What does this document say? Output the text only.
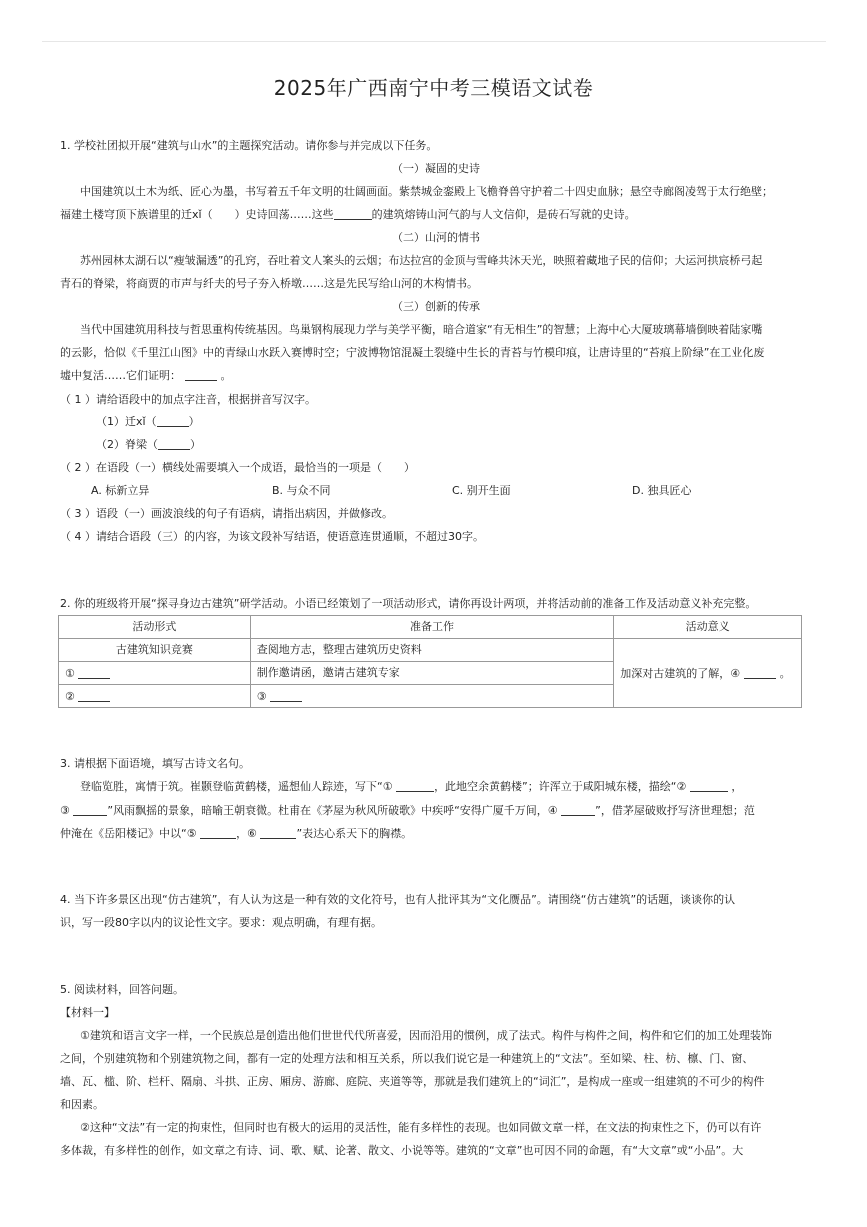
2025年广西南宁中考三模语文试卷
1. 学校社团拟开展“建筑与山水”的主题探究活动。请你参与并完成以下任务。
（一）凝固的史诗
中国建筑以土木为纸、匠心为墨，书写着五千年文明的壮阔画面。紫禁城金銮殿上飞檐脊兽守护着二十四史血脉；悬空寺廊阁凌驾于太行绝壁；
福建土楼穹顶下族谱里的迁xǐ（　　）史诗回荡……这些	的建筑熔铸山河气韵与人文信仰，是砖石写就的史诗。
（二）山河的情书
苏州园林太湖石以“瘦皱漏透”的孔窍，吞吐着文人案头的云烟；布达拉宫的金顶与雪峰共沐天光，映照着藏地子民的信仰；大运河拱宸桥弓起
青石的脊梁，将商贾的市声与纤夫的号子夯入桥墩……这是先民写给山河的木构情书。
（三）创新的传承
当代中国建筑用科技与哲思重构传统基因。鸟巢钢构展现力学与美学平衡，暗合道家“有无相生”的智慧；上海中心大厦玻璃幕墙倒映着陆家嘴
的云影，恰似《千里江山图》中的青绿山水跃入赛博时空；宁波博物馆混凝土裂缝中生长的青苔与竹模印痕，让唐诗里的“苔痕上阶绿”在工业化废
墟中复活……它们证明：	。
（ 1 ）请给语段中的加点字注音，根据拼音写汉字。
（1）迁xǐ（	）
（2）脊梁（	）
（ 2 ）在语段（一）横线处需要填入一个成语，最恰当的一项是（　　）
A. 标新立异	B. 与众不同	C. 别开生面	D. 独具匠心
（ 3 ）语段（一）画波浪线的句子有语病，请指出病因，并做修改。
（ 4 ）请结合语段（三）的内容，为该文段补写结语，使语意连贯通顺，不超过30字。
2. 你的班级将开展“探寻身边古建筑”研学活动。小语已经策划了一项活动形式，请你再设计两项，并将活动前的准备工作及活动意义补充完整。
活动形式	准备工作	活动意义
古建筑知识竞赛	查阅地方志，整理古建筑历史资料	加深对古建筑的了解，④ 。
①	制作邀请函，邀请古建筑专家	
②	③	
3. 请根据下面语境，填写古诗文名句。
登临览胜，寓情于筑。崔颢登临黄鹤楼，遥想仙人踪迹，写下“①	，此地空余黄鹤楼”；许浑立于咸阳城东楼，描绘“②	，
③	”风雨飘摇的景象，暗喻王朝衰微。杜甫在《茅屋为秋风所破歌》中疾呼“安得广厦千万间，④	”，借茅屋破败抒写济世理想；范
仲淹在《岳阳楼记》中以“⑤	，⑥	”表达心系天下的胸襟。
4. 当下许多景区出现“仿古建筑”，有人认为这是一种有效的文化符号，也有人批评其为“文化赝品”。请围绕“仿古建筑”的话题，谈谈你的认
识，写一段80字以内的议论性文字。要求：观点明确，有理有据。
5. 阅读材料，回答问题。
【材料一】
①建筑和语言文字一样，一个民族总是创造出他们世世代代所喜爱，因而沿用的惯例，成了法式。构件与构件之间，构件和它们的加工处理装饰
之间，个别建筑物和个别建筑物之间，都有一定的处理方法和相互关系，所以我们说它是一种建筑上的“文法”。至如梁、柱、枋、檩、门、窗、
墙、瓦、槛、阶、栏杆、隔扇、斗拱、正房、厢房、游廊、庭院、夹道等等，那就是我们建筑上的“词汇”，是构成一座或一组建筑的不可少的构件
和因素。
②这种“文法”有一定的拘束性，但同时也有极大的运用的灵活性，能有多样性的表现。也如同做文章一样，在文法的拘束性之下，仍可以有许
多体裁，有多样性的创作，如文章之有诗、词、歌、赋、论著、散文、小说等等。建筑的“文章”也可因不同的命题，有“大文章”或“小品”。大
